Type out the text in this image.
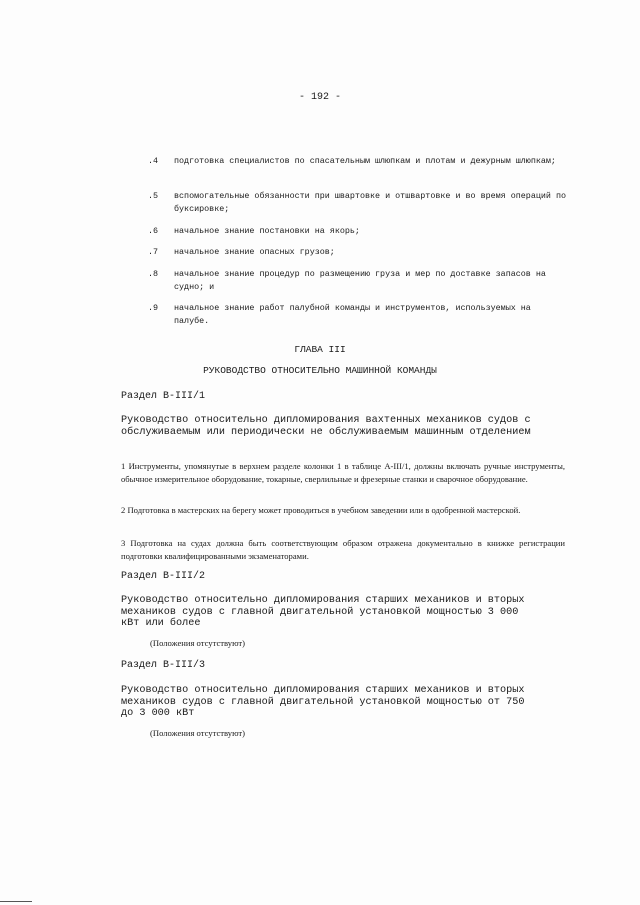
- 192 -
.4 подготовка специалистов по спасательным шлюпкам и плотам и дежурным шлюпкам;
.5 вспомогательные обязанности при швартовке и отшвартовке и во время операций по буксировке;
.6 начальное знание постановки на якорь;
.7 начальное знание опасных грузов;
.8 начальное знание процедур по размещению груза и мер по доставке запасов на судно; и
.9 начальное знание работ палубной команды и инструментов, используемых на палубе.
ГЛАВА III
РУКОВОДСТВО ОТНОСИТЕЛЬНО МАШИННОЙ КОМАНДЫ
Раздел B-III/1
Руководство относительно дипломирования вахтенных механиков судов с обслуживаемым или периодически не обслуживаемым машинным отделением
1 Инструменты, упомянутые в верхнем разделе колонки 1 в таблице A-III/1, должны включать ручные инструменты, обычное измерительное оборудование, токарные, сверлильные и фрезерные станки и сварочное оборудование.
2 Подготовка в мастерских на берегу может проводиться в учебном заведении или в одобренной мастерской.
3 Подготовка на судах должна быть соответствующим образом отражена документально в книжке регистрации подготовки квалифицированными экзаменаторами.
Раздел B-III/2
Руководство относительно дипломирования старших механиков и вторых механиков судов с главной двигательной установкой мощностью 3 000 кВт или более
(Положения отсутствуют)
Раздел B-III/3
Руководство относительно дипломирования старших механиков и вторых механиков судов с главной двигательной установкой мощностью от 750 до 3 000 кВт
(Положения отсутствуют)
